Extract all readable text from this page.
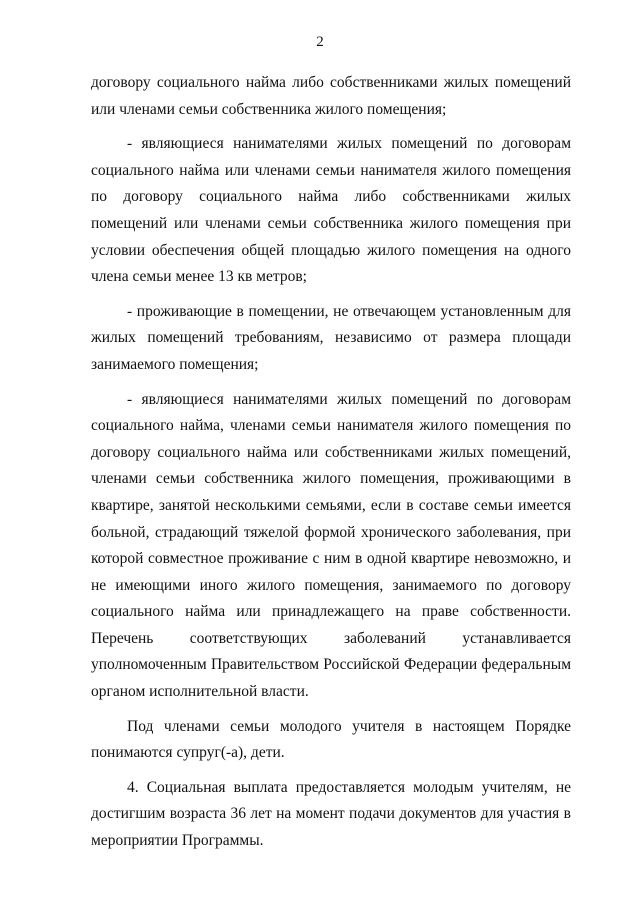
2

договору социального найма либо собственниками жилых помещений или членами семьи собственника жилого помещения;

- являющиеся нанимателями жилых помещений по договорам социального найма или членами семьи нанимателя жилого помещения по договору социального найма либо собственниками жилых помещений или членами семьи собственника жилого помещения при условии обеспечения общей площадью жилого помещения на одного члена семьи менее 13 кв метров;

- проживающие в помещении, не отвечающем установленным для жилых помещений требованиям, независимо от размера площади занимаемого помещения;

- являющиеся нанимателями жилых помещений по договорам социального найма, членами семьи нанимателя жилого помещения по договору социального найма или собственниками жилых помещений, членами семьи собственника жилого помещения, проживающими в квартире, занятой несколькими семьями, если в составе семьи имеется больной, страдающий тяжелой формой хронического заболевания, при которой совместное проживание с ним в одной квартире невозможно, и не имеющими иного жилого помещения, занимаемого по договору социального найма или принадлежащего на праве собственности. Перечень соответствующих заболеваний устанавливается уполномоченным Правительством Российской Федерации федеральным органом исполнительной власти.

Под членами семьи молодого учителя в настоящем Порядке понимаются супруг(-а), дети.

4. Социальная выплата предоставляется молодым учителям, не достигшим возраста 36 лет на момент подачи документов для участия в мероприятии Программы.
